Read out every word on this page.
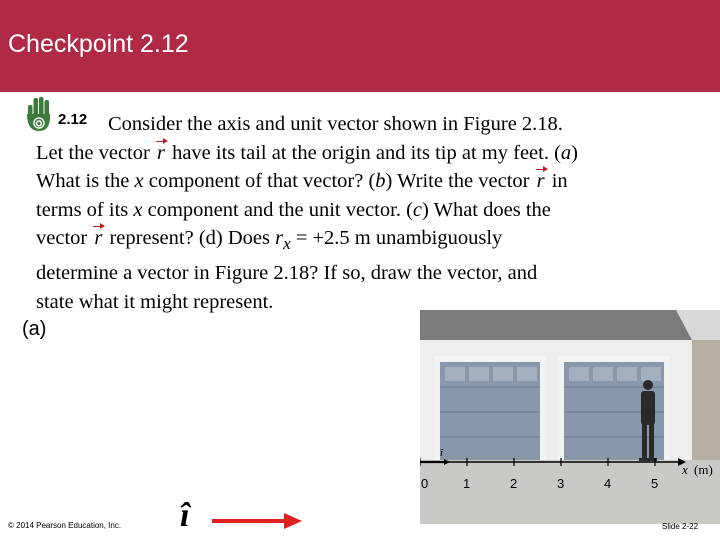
Checkpoint 2.12
2.12	Consider the axis and unit vector shown in Figure 2.18.
Let the vector r have its tail at the origin and its tip at my feet. (a)
What is the x component of that vector? (b) Write the vector r in
terms of its x component and the unit vector. (c) What does the
vector r represent? (d) Does $r_x = +2.5$ m unambiguously
determine a vector in Figure 2.18? If so, draw the vector, and
state what it might represent.
(a)
î
0	1	2	3	4	5
x (m)
© 2014 Pearson Education, Inc. î	Slide 2-22
